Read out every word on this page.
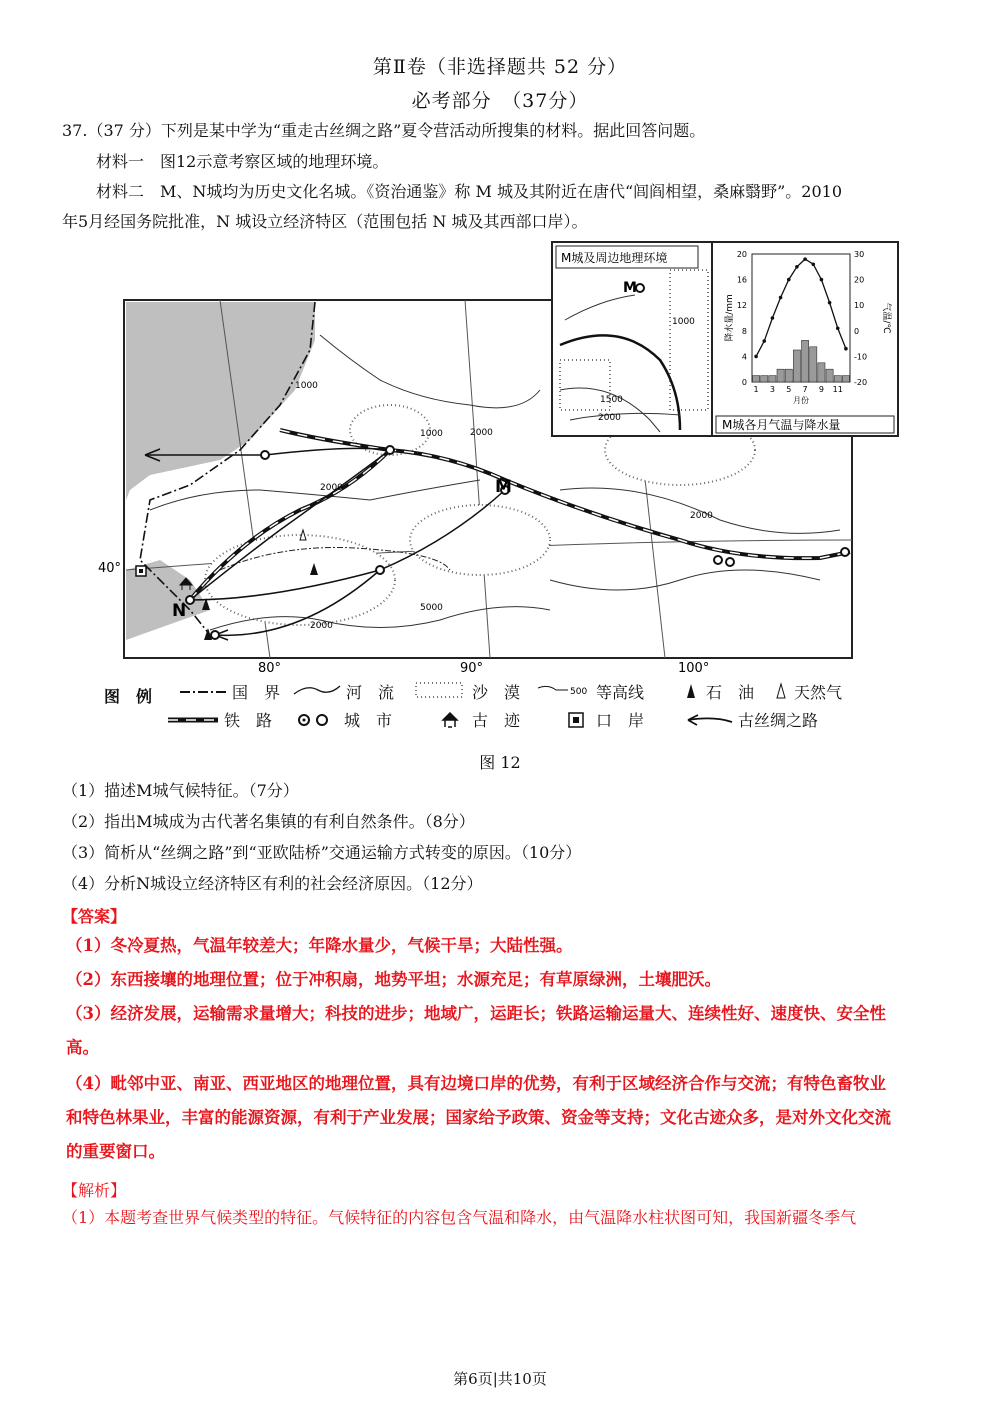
第Ⅱ卷（非选择题共 52 分）
必考部分　（37分）
37.（37 分）下列是某中学为“重走古丝绸之路”夏令营活动所搜集的材料。据此回答问题。
材料一　图12示意考察区域的地理环境。
材料二　M、N城均为历史文化名城。《资治通鉴》称 M 城及其附近在唐代“闾阎相望，桑麻翳野”。2010
年5月经国务院批准，N 城设立经济特区（范围包括 N 城及其西部口岸）。
M
N
40°
80°	90°	100°
1000
1000
2000
2000
2000
5000
2000
M城及周边地理环境
M
1000
1500
2000
0
4
8
12
16
20
-20
-10
0
10
20
30
1 3 5 7 9 11
月份
降水量/mm	气温/℃
M城各月气温与降水量
图　例	国　界	河　流	沙　漠	500 等高线	石　油 天然气
铁　路	城　市	古　迹	口　岸	古丝绸之路
图 12
（1）描述M城气候特征。（7分）
（2）指出M城成为古代著名集镇的有利自然条件。（8分）
（3）简析从“丝绸之路”到“亚欧陆桥”交通运输方式转变的原因。（10分）
（4）分析N城设立经济特区有利的社会经济原因。（12分）
【答案】
（1）冬冷夏热，气温年较差大；年降水量少，气候干旱；大陆性强。
（2）东西接壤的地理位置；位于冲积扇，地势平坦；水源充足；有草原绿洲，土壤肥沃。
（3）经济发展，运输需求量增大；科技的进步；地域广，运距长；铁路运输运量大、连续性好、速度快、安全性
高。
（4）毗邻中亚、南亚、西亚地区的地理位置，具有边境口岸的优势，有利于区域经济合作与交流；有特色畜牧业
和特色林果业，丰富的能源资源，有利于产业发展；国家给予政策、资金等支持；文化古迹众多，是对外文化交流
的重要窗口。
【解析】
（1）本题考查世界气候类型的特征。气候特征的内容包含气温和降水，由气温降水柱状图可知，我国新疆冬季气
第6页|共10页
